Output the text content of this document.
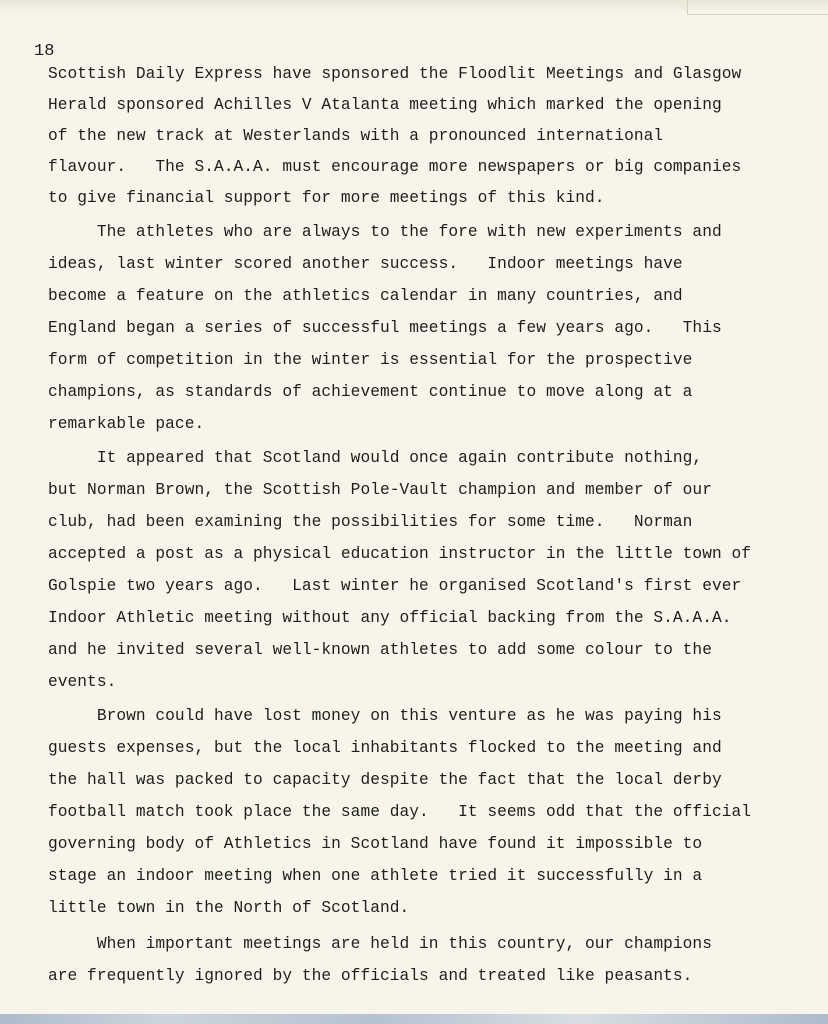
18
Scottish Daily Express have sponsored the Floodlit Meetings and Glasgow
Herald sponsored Achilles V Atalanta meeting which marked the opening
of the new track at Westerlands with a pronounced international
flavour.   The S.A.A.A. must encourage more newspapers or big companies
to give financial support for more meetings of this kind.
The athletes who are always to the fore with new experiments and
ideas, last winter scored another success.   Indoor meetings have
become a feature on the athletics calendar in many countries, and
England began a series of successful meetings a few years ago.   This
form of competition in the winter is essential for the prospective
champions, as standards of achievement continue to move along at a
remarkable pace.
It appeared that Scotland would once again contribute nothing,
but Norman Brown, the Scottish Pole-Vault champion and member of our
club, had been examining the possibilities for some time.   Norman
accepted a post as a physical education instructor in the little town of
Golspie two years ago.   Last winter he organised Scotland's first ever
Indoor Athletic meeting without any official backing from the S.A.A.A.
and he invited several well-known athletes to add some colour to the
events.
Brown could have lost money on this venture as he was paying his
guests expenses, but the local inhabitants flocked to the meeting and
the hall was packed to capacity despite the fact that the local derby
football match took place the same day.   It seems odd that the official
governing body of Athletics in Scotland have found it impossible to
stage an indoor meeting when one athlete tried it successfully in a
little town in the North of Scotland.
When important meetings are held in this country, our champions
are frequently ignored by the officials and treated like peasants.
